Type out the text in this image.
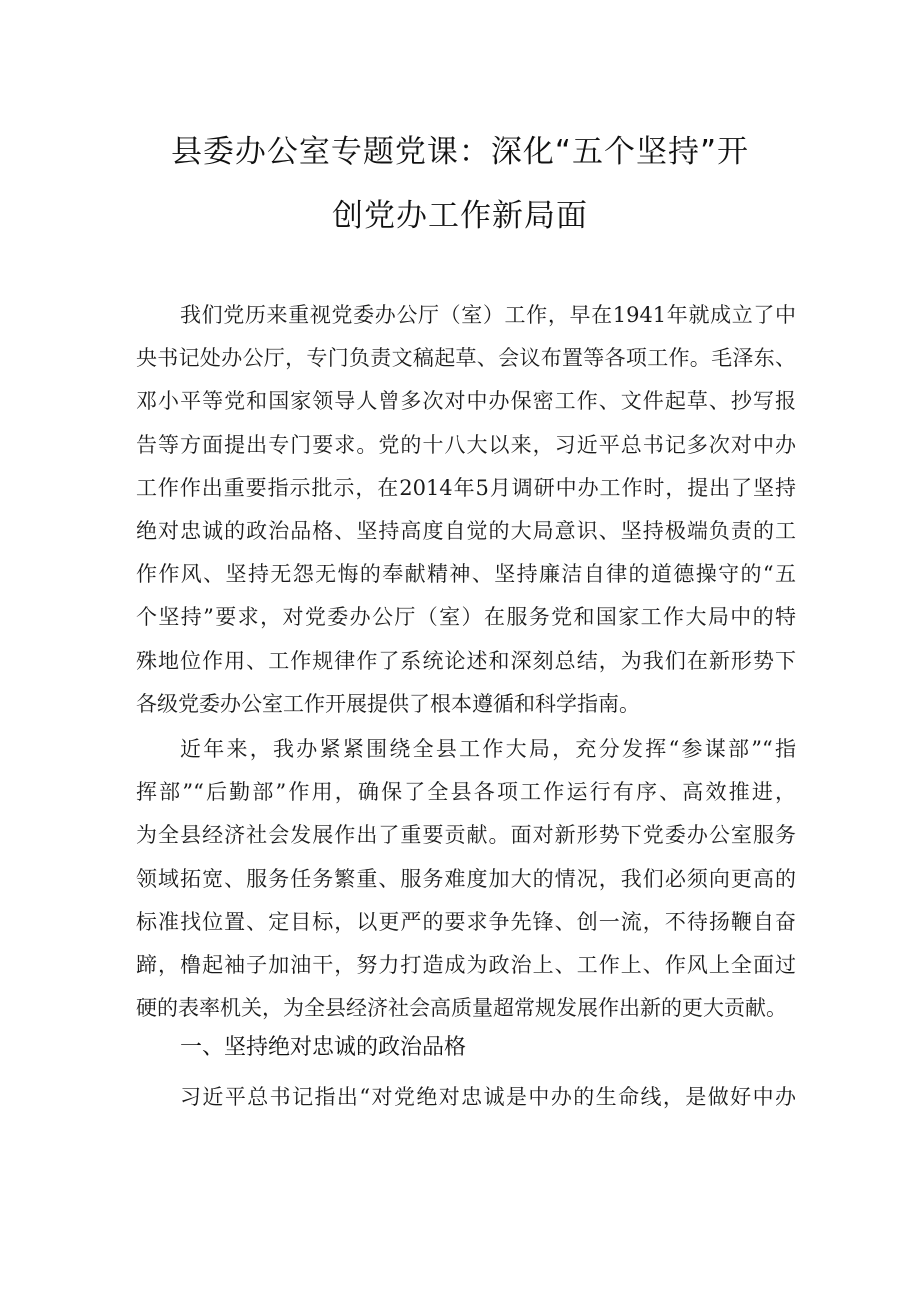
县委办公室专题党课：深化“五个坚持”开
创党办工作新局面
我们党历来重视党委办公厅（室）工作，早在1941年就成立了中
央书记处办公厅，专门负责文稿起草、会议布置等各项工作。毛泽东、
邓小平等党和国家领导人曾多次对中办保密工作、文件起草、抄写报
告等方面提出专门要求。党的十八大以来，习近平总书记多次对中办
工作作出重要指示批示，在2014年5月调研中办工作时，提出了坚持
绝对忠诚的政治品格、坚持高度自觉的大局意识、坚持极端负责的工
作作风、坚持无怨无悔的奉献精神、坚持廉洁自律的道德操守的“五
个坚持”要求，对党委办公厅（室）在服务党和国家工作大局中的特
殊地位作用、工作规律作了系统论述和深刻总结，为我们在新形势下
各级党委办公室工作开展提供了根本遵循和科学指南。
近年来，我办紧紧围绕全县工作大局，充分发挥“参谋部”“指
挥部”“后勤部”作用，确保了全县各项工作运行有序、高效推进，
为全县经济社会发展作出了重要贡献。面对新形势下党委办公室服务
领域拓宽、服务任务繁重、服务难度加大的情况，我们必须向更高的
标准找位置、定目标，以更严的要求争先锋、创一流，不待扬鞭自奋
蹄，橹起袖子加油干，努力打造成为政治上、工作上、作风上全面过
硬的表率机关，为全县经济社会高质量超常规发展作出新的更大贡献。
一、坚持绝对忠诚的政治品格
习近平总书记指出“对党绝对忠诚是中办的生命线，是做好中办
